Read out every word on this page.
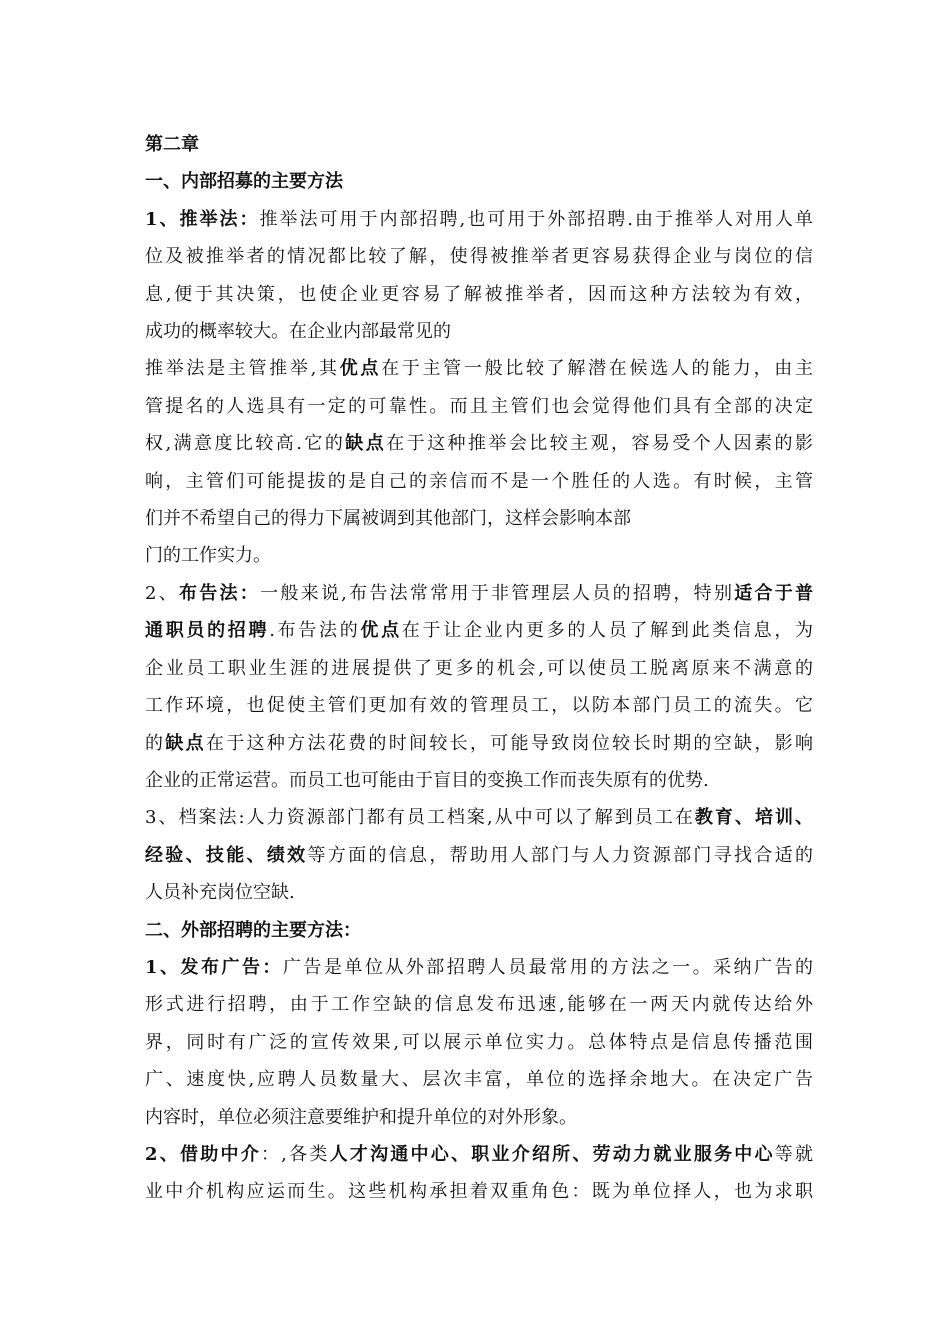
第二章

一、内部招募的主要方法

1、推举法：推举法可用于内部招聘,也可用于外部招聘.由于推举人对用人单

位及被推举者的情况都比较了解，使得被推举者更容易获得企业与岗位的信

息,便于其决策，也使企业更容易了解被推举者，因而这种方法较为有效，

成功的概率较大。在企业内部最常见的

推举法是主管推举,其优点在于主管一般比较了解潜在候选人的能力，由主

管提名的人选具有一定的可靠性。而且主管们也会觉得他们具有全部的决定

权,满意度比较高.它的缺点在于这种推举会比较主观，容易受个人因素的影

响，主管们可能提拔的是自己的亲信而不是一个胜任的人选。有时候，主管

们并不希望自己的得力下属被调到其他部门，这样会影响本部

门的工作实力。

2、布告法：一般来说,布告法常常用于非管理层人员的招聘，特别适合于普

通职员的招聘.布告法的优点在于让企业内更多的人员了解到此类信息，为

企业员工职业生涯的进展提供了更多的机会,可以使员工脱离原来不满意的

工作环境，也促使主管们更加有效的管理员工，以防本部门员工的流失。它

的缺点在于这种方法花费的时间较长，可能导致岗位较长时期的空缺，影响

企业的正常运营。而员工也可能由于盲目的变换工作而丧失原有的优势.

3、档案法:人力资源部门都有员工档案,从中可以了解到员工在教育、培训、

经验、技能、绩效等方面的信息，帮助用人部门与人力资源部门寻找合适的

人员补充岗位空缺.

二、外部招聘的主要方法：

1、发布广告：广告是单位从外部招聘人员最常用的方法之一。采纳广告的

形式进行招聘，由于工作空缺的信息发布迅速,能够在一两天内就传达给外

界，同时有广泛的宣传效果,可以展示单位实力。总体特点是信息传播范围

广、速度快,应聘人员数量大、层次丰富，单位的选择余地大。在决定广告

内容时，单位必须注意要维护和提升单位的对外形象。

2、借助中介：,各类人才沟通中心、职业介绍所、劳动力就业服务中心等就

业中介机构应运而生。这些机构承担着双重角色：既为单位择人，也为求职
